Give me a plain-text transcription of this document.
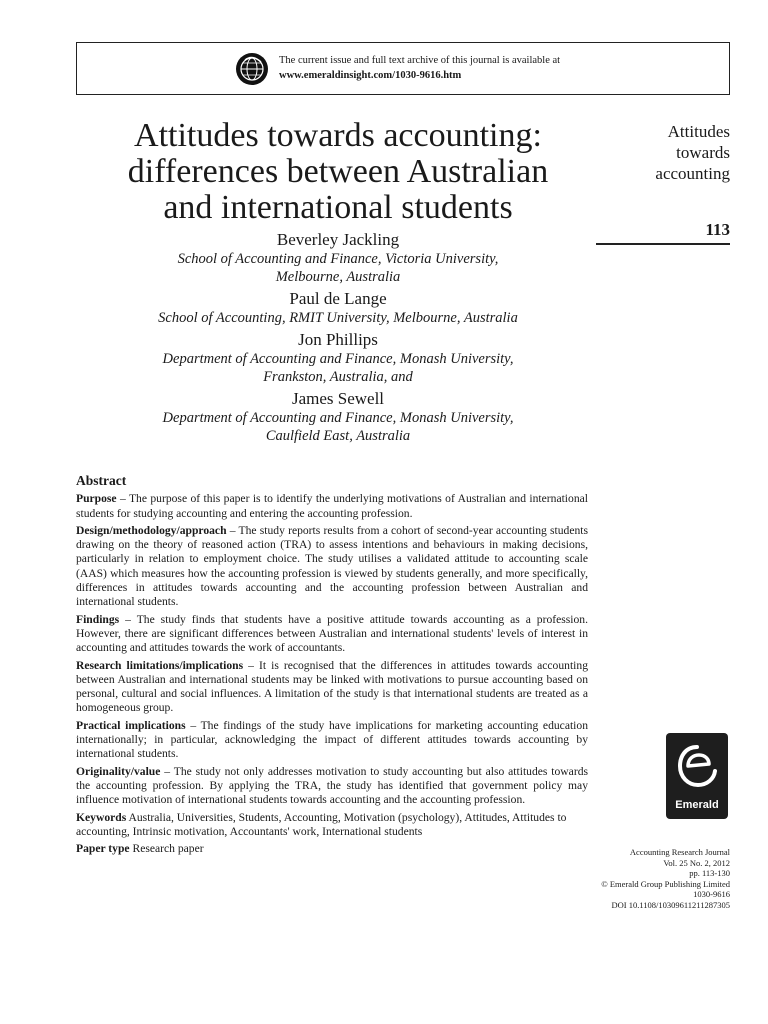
The current issue and full text archive of this journal is available at
www.emeraldinsight.com/1030-9616.htm
Attitudes towards accounting:
differences between Australian
and international students

Beverley Jackling

School of Accounting and Finance, Victoria University,
Melbourne, Australia

Paul de Lange

School of Accounting, RMIT University, Melbourne, Australia

Jon Phillips

Department of Accounting and Finance, Monash University,
Frankston, Australia, and

James Sewell

Department of Accounting and Finance, Monash University,
Caulfield East, Australia

Attitudes
towards
accounting
113
Abstract

Purpose – The purpose of this paper is to identify the underlying motivations of Australian and international students for studying accounting and entering the accounting profession.

Design/methodology/approach – The study reports results from a cohort of second-year accounting students drawing on the theory of reasoned action (TRA) to assess intentions and behaviours in making decisions, particularly in relation to employment choice. The study utilises a validated attitude to accounting scale (AAS) which measures how the accounting profession is viewed by students generally, and more specifically, differences in attitudes towards accounting and the accounting profession between Australian and international students.

Findings – The study finds that students have a positive attitude towards accounting as a profession. However, there are significant differences between Australian and international students' levels of interest in accounting and attitudes towards the work of accountants.

Research limitations/implications – It is recognised that the differences in attitudes towards accounting between Australian and international students may be linked with motivations to pursue accounting based on personal, cultural and social influences. A limitation of the study is that international students are treated as a homogeneous group.

Practical implications – The findings of the study have implications for marketing accounting education internationally; in particular, acknowledging the impact of different attitudes towards accounting by international students.

Originality/value – The study not only addresses motivation to study accounting but also attitudes towards the accounting profession. By applying the TRA, the study has identified that government policy may influence motivation of international students towards accounting and the accounting profession.

Keywords Australia, Universities, Students, Accounting, Motivation (psychology), Attitudes, Attitudes to accounting, Intrinsic motivation, Accountants' work, International students

Paper type Research paper

Emerald
Accounting Research Journal
Vol. 25 No. 2, 2012
pp. 113-130
© Emerald Group Publishing Limited
1030-9616
DOI 10.1108/10309611211287305
